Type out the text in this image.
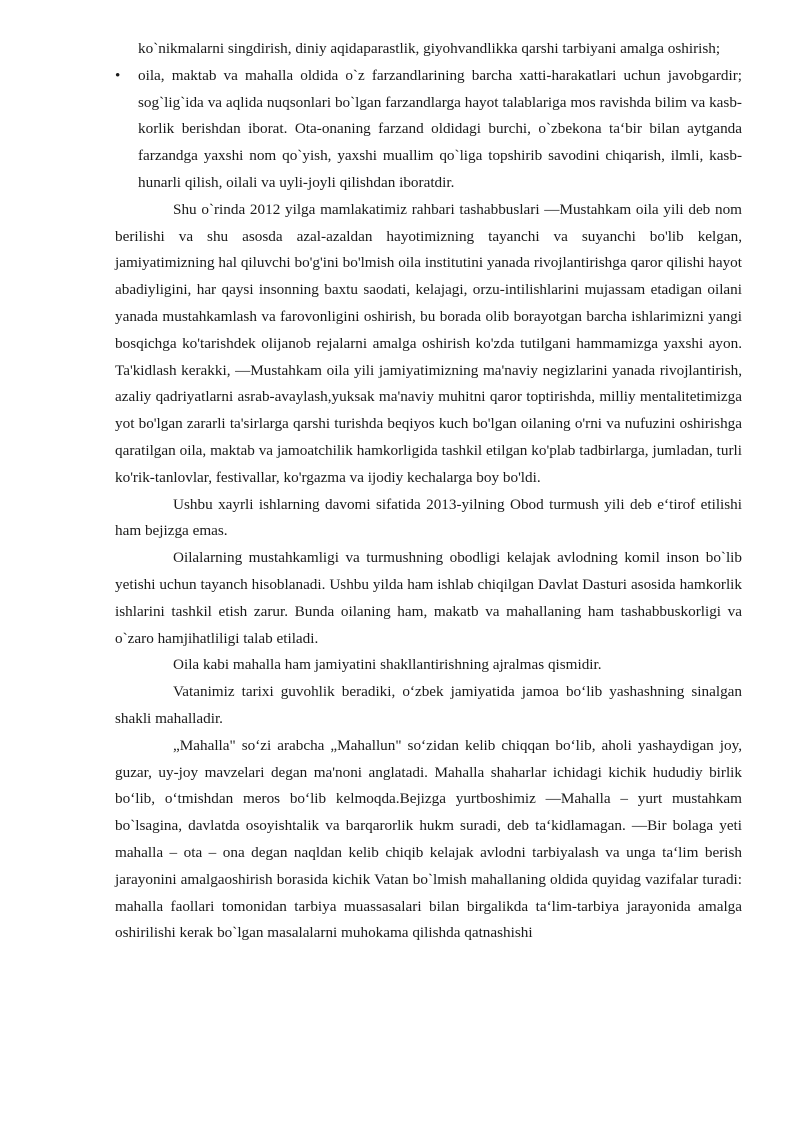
ko`nikmalarni singdirish, diniy aqidaparastlik, giyohvandlikka qarshi tarbiyani amalga oshirish;
•	oila, maktab va mahalla oldida o`z farzandlarining barcha xatti-harakatlari uchun javobgardir; sog`lig`ida va aqlida nuqsonlari bo`lgan farzandlarga hayot talablariga mos ravishda bilim va kasb-korlik berishdan iborat. Ota-onaning farzand oldidagi burchi, o`zbekona ta‘bir bilan aytganda farzandga yaxshi nom qo`yish, yaxshi muallim qo`liga topshirib savodini chiqarish, ilmli, kasb-hunarli qilish, oilali va uyli-joyli qilishdan iboratdir.

Shu o`rinda 2012 yilga mamlakatimiz rahbari tashabbuslari ―Mustahkam oila yili deb nom berilishi va shu asosda azal-azaldan hayotimizning tayanchi va suyanchi bo'lib kelgan, jamiyatimizning hal qiluvchi bo'g'ini bo'lmish oila institutini yanada rivojlantirishga qaror qilishi hayot abadiyligini, har qaysi insonning baxtu saodati, kelajagi, orzu-intilishlarini mujassam etadigan oilani yanada mustahkamlash va farovonligini oshirish, bu borada olib borayotgan barcha ishlarimizni yangi bosqichga ko'tarishdek olijanob rejalarni amalga oshirish ko'zda tutilgani hammamizga yaxshi ayon. Ta'kidlash kerakki, ―Mustahkam oila yili jamiyatimizning ma'naviy negizlarini yanada rivojlantirish, azaliy qadriyatlarni asrab-avaylash,yuksak ma'naviy muhitni qaror toptirishda, milliy mentalitetimizga yot bo'lgan zararli ta'sirlarga qarshi turishda beqiyos kuch bo'lgan oilaning o'rni va nufuzini oshirishga qaratilgan oila, maktab va jamoatchilik hamkorligida tashkil etilgan ko'plab tadbirlarga, jumladan, turli ko'rik-tanlovlar, festivallar, ko'rgazma va ijodiy kechalarga boy bo'ldi.

Ushbu xayrli ishlarning davomi sifatida 2013-yilning Obod turmush yili deb e‘tirof etilishi ham bejizga emas.

Oilalarning mustahkamligi va turmushning obodligi kelajak avlodning komil inson bo`lib yetishi uchun tayanch hisoblanadi. Ushbu yilda ham ishlab chiqilgan Davlat Dasturi asosida hamkorlik ishlarini tashkil etish zarur. Bunda oilaning ham, makatb va mahallaning ham tashabbuskorligi va o`zaro hamjihatliligi talab etiladi.

Oila kabi mahalla ham jamiyatini shakllantirishning ajralmas qismidir.

Vatanimiz tarixi guvohlik beradiki, o‘zbek jamiyatida jamoa bo‘lib yashashning sinalgan shakli mahalladir.

„Mahalla" so‘zi arabcha „Mahallun" so‘zidan kelib chiqqan bo‘lib, aholi yashaydigan joy, guzar, uy-joy mavzelari degan ma'noni anglatadi. Mahalla shaharlar ichidagi kichik hududiy birlik bo‘lib, o‘tmishdan meros bo‘lib kelmoqda.Bejizga yurtboshimiz ―Mahalla – yurt mustahkam bo`lsagina, davlatda osoyishtalik va barqarorlik hukm suradi, deb ta‘kidlamagan. ―Bir bolaga yeti mahalla – ota – ona degan naqldan kelib chiqib kelajak avlodni tarbiyalash va unga ta‘lim berish jarayonini amalgaoshirish borasida kichik Vatan bo`lmish mahallaning oldida quyidag vazifalar turadi: mahalla faollari tomonidan tarbiya muassasalari bilan birgalikda ta‘lim-tarbiya jarayonida amalga oshirilishi kerak bo`lgan masalalarni muhokama qilishda qatnashishi
